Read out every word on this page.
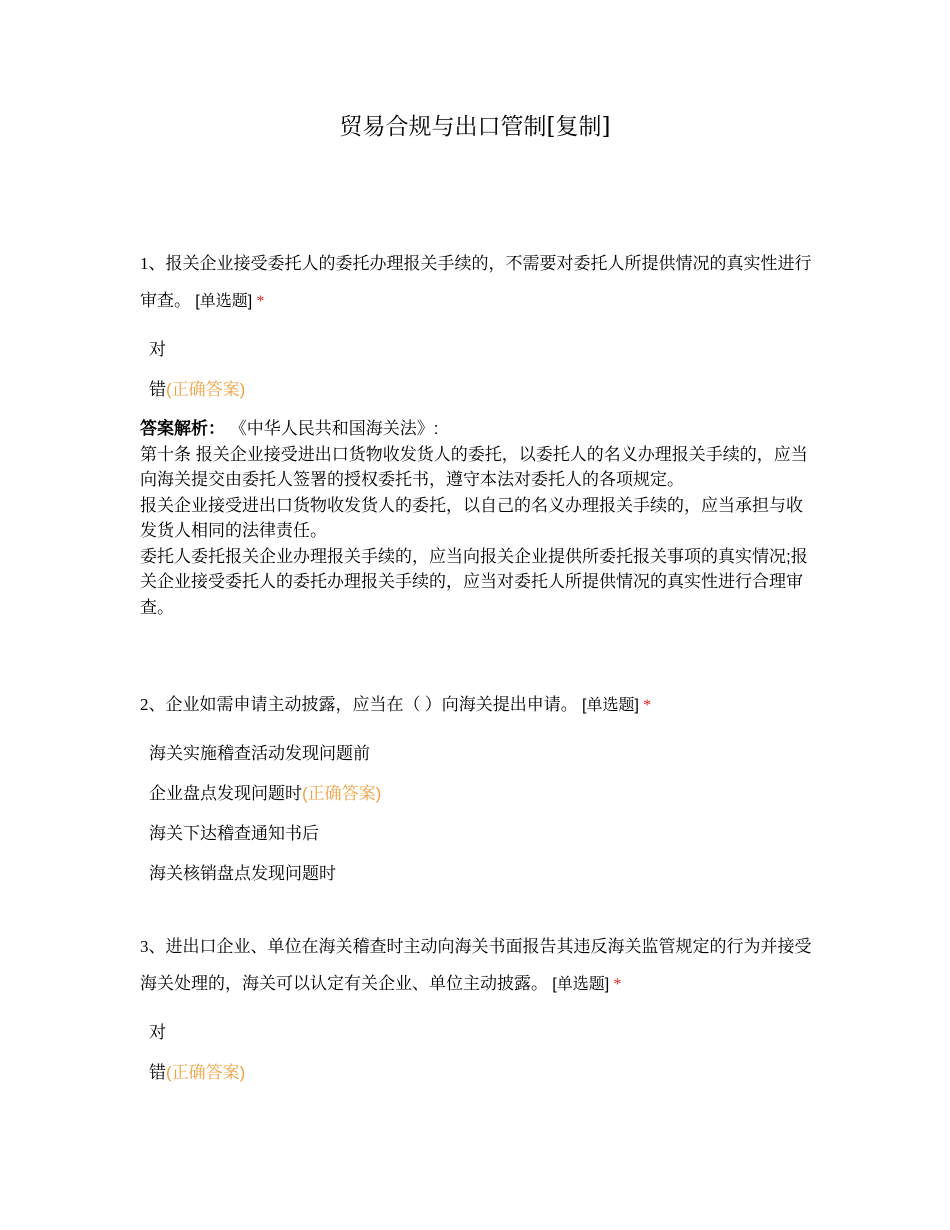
贸易合规与出口管制[复制]

1、报关企业接受委托人的委托办理报关手续的，不需要对委托人所提供情况的真实性进行审查。 [单选题] *

对
错(正确答案)

答案解析： 《中华人民共和国海关法》:

第十条 报关企业接受进出口货物收发货人的委托，以委托人的名义办理报关手续的，应当向海关提交由委托人签署的授权委托书，遵守本法对委托人的各项规定。

报关企业接受进出口货物收发货人的委托，以自己的名义办理报关手续的，应当承担与收发货人相同的法律责任。

委托人委托报关企业办理报关手续的，应当向报关企业提供所委托报关事项的真实情况;报关企业接受委托人的委托办理报关手续的，应当对委托人所提供情况的真实性进行合理审查。

2、企业如需申请主动披露，应当在（ ）向海关提出申请。 [单选题] *

海关实施稽查活动发现问题前
企业盘点发现问题时(正确答案)
海关下达稽查通知书后
海关核销盘点发现问题时

3、进出口企业、单位在海关稽查时主动向海关书面报告其违反海关监管规定的行为并接受海关处理的，海关可以认定有关企业、单位主动披露。 [单选题] *

对
错(正确答案)
